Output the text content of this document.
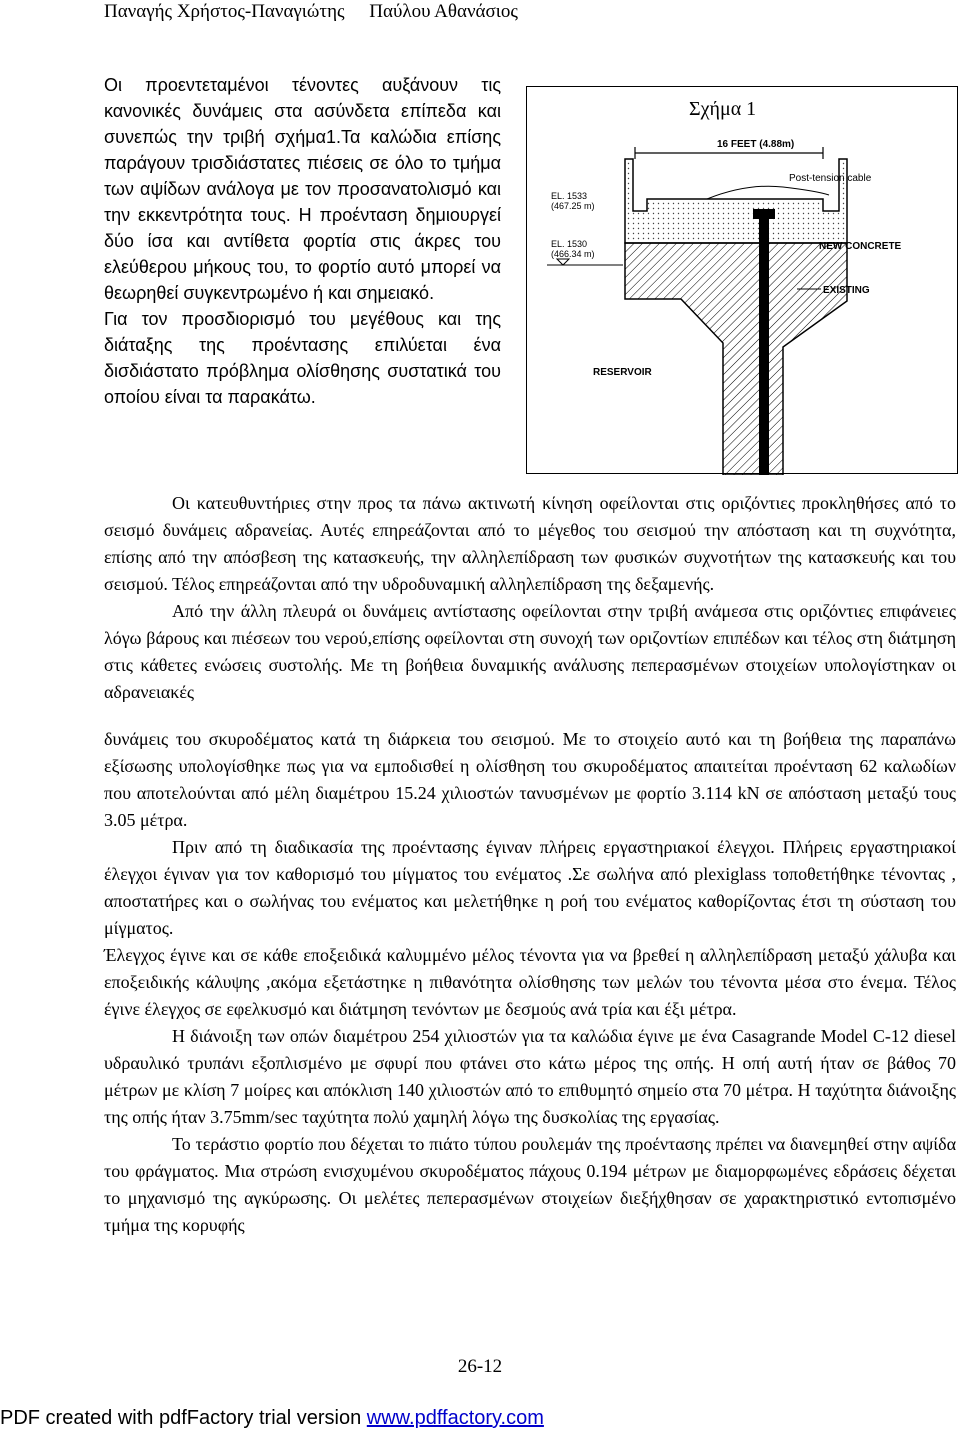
Παναγής Χρήστος-Παναγιώτης Παύλου Αθανάσιος

Οι προεντεταμένοι τένοντες αυξάνουν τις κανονικές δυνάμεις στα ασύνδετα επίπεδα και συνεπώς την τριβή σχήμα1.Τα καλώδια επίσης παράγουν τρισδιάστατες πιέσεις σε όλο το τμήμα των αψίδων ανάλογα με τον προσανατολισμό και την εκκεντρότητα τους. Η προένταση δημιουργεί δύο ίσα και αντίθετα φορτία στις άκρες του ελεύθερου μήκους του, το φορτίο αυτό μπορεί να θεωρηθεί συγκεντρωμένο ή και σημειακό.

Για τον προσδιορισμό του μεγέθους και της διάταξης της προέντασης επιλύεται ένα δισδιάστατο πρόβλημα ολίσθησης συστατικά του οποίου είναι τα παρακάτω.

16 FEET (4.88m)
Post-tension cable
EL. 1533
(467.25 m)
EL. 1530
(466.34 m)
NEW CONCRETE
EXISTING
RESERVOIR
Σχήμα 1

Οι κατευθυντήριες στην προς τα πάνω ακτινωτή κίνηση οφείλονται στις οριζόντιες προκληθήσες από το σεισμό δυνάμεις αδρανείας. Αυτές επηρεάζονται από το μέγεθος του σεισμού την απόσταση και τη συχνότητα, επίσης από την απόσβεση της κατασκευής, την αλληλεπίδραση των φυσικών συχνοτήτων της κατασκευής και του σεισμού. Τέλος επηρεάζονται από την υδροδυναμική αλληλεπίδραση της δεξαμενής.

Από την άλλη πλευρά οι δυνάμεις αντίστασης οφείλονται στην τριβή ανάμεσα στις οριζόντιες επιφάνειες λόγω βάρους και πιέσεων του νερού,επίσης οφείλονται στη συνοχή των οριζοντίων επιπέδων και τέλος στη διάτμηση στις κάθετες ενώσεις συστολής. Με τη βοήθεια δυναμικής ανάλυσης πεπερασμένων στοιχείων υπολογίστηκαν οι αδρανειακές

δυνάμεις του σκυροδέματος κατά τη διάρκεια του σεισμού. Με το στοιχείο αυτό και τη βοήθεια της παραπάνω εξίσωσης υπολογίσθηκε πως για να εμποδισθεί η ολίσθηση του σκυροδέματος απαιτείται προένταση 62 καλωδίων που αποτελούνται από μέλη διαμέτρου 15.24 χιλιοστών τανυσμένων με φορτίο 3.114 kN σε απόσταση μεταξύ τους 3.05 μέτρα.

Πριν από τη διαδικασία της προέντασης έγιναν πλήρεις εργαστηριακοί έλεγχοι. Πλήρεις εργαστηριακοί έλεγχοι έγιναν για τον καθορισμό του μίγματος του ενέματος .Σε σωλήνα από plexiglass τοποθετήθηκε τένοντας , αποστατήρες και ο σωλήνας του ενέματος και μελετήθηκε η ροή του ενέματος καθορίζοντας έτσι τη σύσταση του μίγματος.

Έλεγχος έγινε και σε κάθε εποξειδικά καλυμμένο μέλος τένοντα για να βρεθεί η αλληλεπίδραση μεταξύ χάλυβα και εποξειδικής κάλυψης ,ακόμα εξετάστηκε η πιθανότητα ολίσθησης των μελών του τένοντα μέσα στο ένεμα. Τέλος έγινε έλεγχος σε εφελκυσμό και διάτμηση τενόντων με δεσμούς ανά τρία και έξι μέτρα.

Η διάνοιξη των οπών διαμέτρου 254 χιλιοστών για τα καλώδια έγινε με ένα Casagrande Model C-12 diesel υδραυλικό τρυπάνι εξοπλισμένο με σφυρί που φτάνει στο κάτω μέρος της οπής. Η οπή αυτή ήταν σε βάθος 70 μέτρων με κλίση 7 μοίρες και απόκλιση 140 χιλιοστών από το επιθυμητό σημείο στα 70 μέτρα. Η ταχύτητα διάνοιξης της οπής ήταν 3.75mm/sec ταχύτητα πολύ χαμηλή λόγω της δυσκολίας της εργασίας.

Το τεράστιο φορτίο που δέχεται το πιάτο τύπου ρουλεμάν της προέντασης πρέπει να διανεμηθεί στην αψίδα του φράγματος. Μια στρώση ενισχυμένου σκυροδέματος πάχους 0.194 μέτρων με διαμορφωμένες εδράσεις δέχεται το μηχανισμό της αγκύρωσης. Οι μελέτες πεπερασμένων στοιχείων διεξήχθησαν σε χαρακτηριστικό εντοπισμένο τμήμα της κορυφής

26-12
PDF created with pdfFactory trial version www.pdffactory.com
